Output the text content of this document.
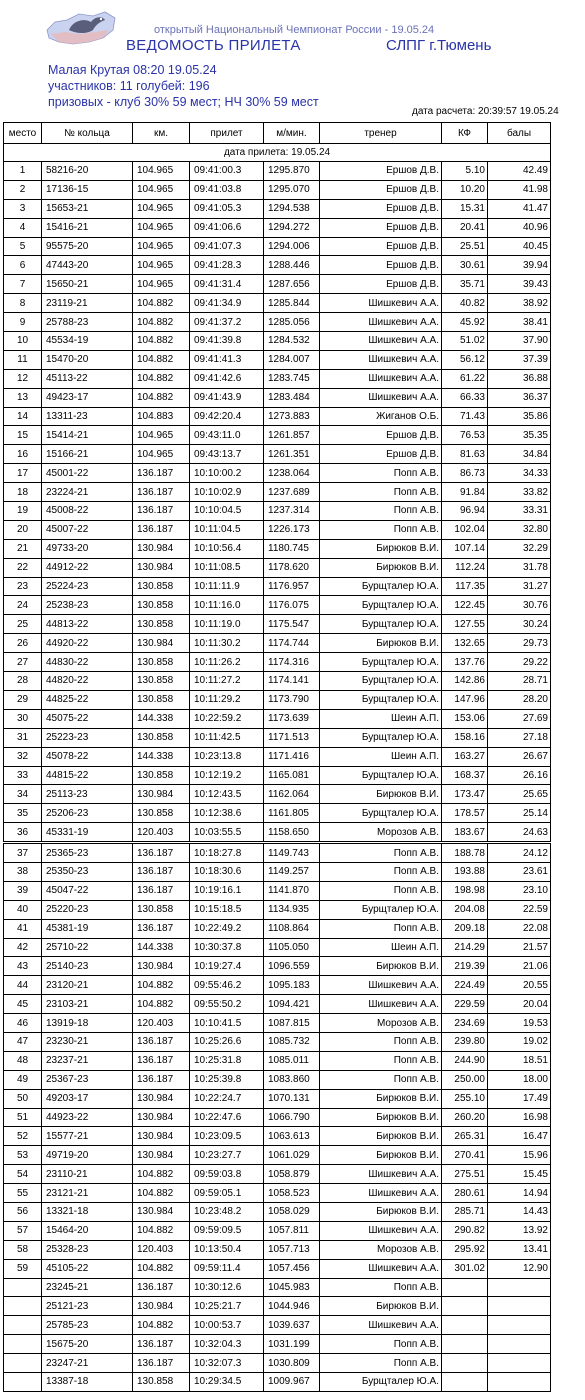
открытый Национальный Чемпионат России - 19.05.24
ВЕДОМОСТЬ ПРИЛЕТА	СЛПГ г.Тюмень
Малая Крутая 08:20 19.05.24
участников: 11 голубей: 196
призовых - клуб 30% 59 мест; НЧ 30% 59 мест
дата расчета: 20:39:57 19.05.24
место	№ кольца	км.	прилет	м/мин.	тренер	КФ	балы
дата прилета: 19.05.24							
1	58216-20	104.965	09:41:00.3	1295.870	Ершов Д.В.	5.10	42.49
2	17136-15	104.965	09:41:03.8	1295.070	Ершов Д.В.	10.20	41.98
3	15653-21	104.965	09:41:05.3	1294.538	Ершов Д.В.	15.31	41.47
4	15416-21	104.965	09:41:06.6	1294.272	Ершов Д.В.	20.41	40.96
5	95575-20	104.965	09:41:07.3	1294.006	Ершов Д.В.	25.51	40.45
6	47443-20	104.965	09:41:28.3	1288.446	Ершов Д.В.	30.61	39.94
7	15650-21	104.965	09:41:31.4	1287.656	Ершов Д.В.	35.71	39.43
8	23119-21	104.882	09:41:34.9	1285.844	Шишкевич А.А.	40.82	38.92
9	25788-23	104.882	09:41:37.2	1285.056	Шишкевич А.А.	45.92	38.41
10	45534-19	104.882	09:41:39.8	1284.532	Шишкевич А.А.	51.02	37.90
11	15470-20	104.882	09:41:41.3	1284.007	Шишкевич А.А.	56.12	37.39
12	45113-22	104.882	09:41:42.6	1283.745	Шишкевич А.А.	61.22	36.88
13	49423-17	104.882	09:41:43.9	1283.484	Шишкевич А.А.	66.33	36.37
14	13311-23	104.883	09:42:20.4	1273.883	Жиганов О.Б.	71.43	35.86
15	15414-21	104.965	09:43:11.0	1261.857	Ершов Д.В.	76.53	35.35
16	15166-21	104.965	09:43:13.7	1261.351	Ершов Д.В.	81.63	34.84
17	45001-22	136.187	10:10:00.2	1238.064	Попп А.В.	86.73	34.33
18	23224-21	136.187	10:10:02.9	1237.689	Попп А.В.	91.84	33.82
19	45008-22	136.187	10:10:04.5	1237.314	Попп А.В.	96.94	33.31
20	45007-22	136.187	10:11:04.5	1226.173	Попп А.В.	102.04	32.80
21	49733-20	130.984	10:10:56.4	1180.745	Бирюков В.И.	107.14	32.29
22	44912-22	130.984	10:11:08.5	1178.620	Бирюков В.И.	112.24	31.78
23	25224-23	130.858	10:11:11.9	1176.957	Бурщталер Ю.А.	117.35	31.27
24	25238-23	130.858	10:11:16.0	1176.075	Бурщталер Ю.А.	122.45	30.76
25	44813-22	130.858	10:11:19.0	1175.547	Бурщталер Ю.А.	127.55	30.24
26	44920-22	130.984	10:11:30.2	1174.744	Бирюков В.И.	132.65	29.73
27	44830-22	130.858	10:11:26.2	1174.316	Бурщталер Ю.А.	137.76	29.22
28	44820-22	130.858	10:11:27.2	1174.141	Бурщталер Ю.А.	142.86	28.71
29	44825-22	130.858	10:11:29.2	1173.790	Бурщталер Ю.А.	147.96	28.20
30	45075-22	144.338	10:22:59.2	1173.639	Шеин А.П.	153.06	27.69
31	25223-23	130.858	10:11:42.5	1171.513	Бурщталер Ю.А.	158.16	27.18
32	45078-22	144.338	10:23:13.8	1171.416	Шеин А.П.	163.27	26.67
33	44815-22	130.858	10:12:19.2	1165.081	Бурщталер Ю.А.	168.37	26.16
34	25113-23	130.984	10:12:43.5	1162.064	Бирюков В.И.	173.47	25.65
35	25206-23	130.858	10:12:38.6	1161.805	Бурщталер Ю.А.	178.57	25.14
36	45331-19	120.403	10:03:55.5	1158.650	Морозов А.В.	183.67	24.63

37	25365-23	136.187	10:18:27.8	1149.743	Попп А.В.	188.78	24.12
38	25350-23	136.187	10:18:30.6	1149.257	Попп А.В.	193.88	23.61
39	45047-22	136.187	10:19:16.1	1141.870	Попп А.В.	198.98	23.10
40	25220-23	130.858	10:15:18.5	1134.935	Бурщталер Ю.А.	204.08	22.59
41	45381-19	136.187	10:22:49.2	1108.864	Попп А.В.	209.18	22.08
42	25710-22	144.338	10:30:37.8	1105.050	Шеин А.П.	214.29	21.57
43	25140-23	130.984	10:19:27.4	1096.559	Бирюков В.И.	219.39	21.06
44	23120-21	104.882	09:55:46.2	1095.183	Шишкевич А.А.	224.49	20.55
45	23103-21	104.882	09:55:50.2	1094.421	Шишкевич А.А.	229.59	20.04
46	13919-18	120.403	10:10:41.5	1087.815	Морозов А.В.	234.69	19.53
47	23230-21	136.187	10:25:26.6	1085.732	Попп А.В.	239.80	19.02
48	23237-21	136.187	10:25:31.8	1085.011	Попп А.В.	244.90	18.51
49	25367-23	136.187	10:25:39.8	1083.860	Попп А.В.	250.00	18.00
50	49203-17	130.984	10:22:24.7	1070.131	Бирюков В.И.	255.10	17.49
51	44923-22	130.984	10:22:47.6	1066.790	Бирюков В.И.	260.20	16.98
52	15577-21	130.984	10:23:09.5	1063.613	Бирюков В.И.	265.31	16.47
53	49719-20	130.984	10:23:27.7	1061.029	Бирюков В.И.	270.41	15.96
54	23110-21	104.882	09:59:03.8	1058.879	Шишкевич А.А.	275.51	15.45
55	23121-21	104.882	09:59:05.1	1058.523	Шишкевич А.А.	280.61	14.94
56	13321-18	130.984	10:23:48.2	1058.029	Бирюков В.И.	285.71	14.43
57	15464-20	104.882	09:59:09.5	1057.811	Шишкевич А.А.	290.82	13.92
58	25328-23	120.403	10:13:50.4	1057.713	Морозов А.В.	295.92	13.41
59	45105-22	104.882	09:59:11.4	1057.456	Шишкевич А.А.	301.02	12.90
	23245-21	136.187	10:30:12.6	1045.983	Попп А.В.		
	25121-23	130.984	10:25:21.7	1044.946	Бирюков В.И.		
	25785-23	104.882	10:00:53.7	1039.637	Шишкевич А.А.		
	15675-20	136.187	10:32:04.3	1031.199	Попп А.В.		
	23247-21	136.187	10:32:07.3	1030.809	Попп А.В.		
	13387-18	130.858	10:29:34.5	1009.967	Бурщталер Ю.А.		
